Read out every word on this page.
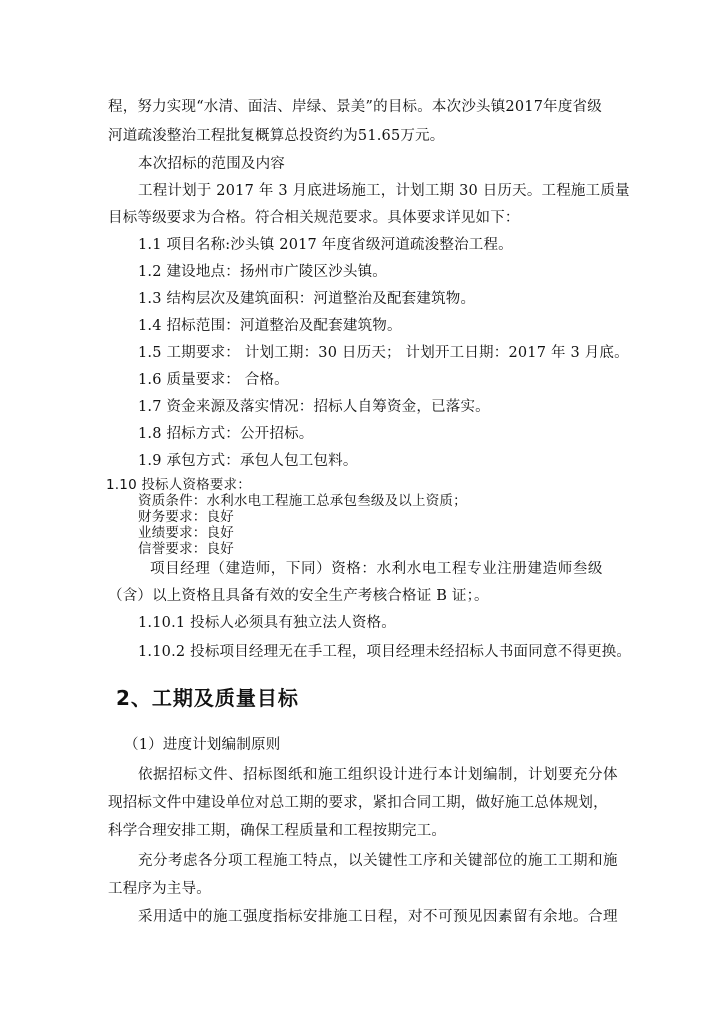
程，努力实现“水清、面洁、岸绿、景美”的目标。本次沙头镇2017年度省级
河道疏浚整治工程批复概算总投资约为51.65万元。
本次招标的范围及内容
工程计划于 2017 年 3 月底进场施工，计划工期 30 日历天。工程施工质量
目标等级要求为合格。符合相关规范要求。具体要求详见如下：
1.1 项目名称:沙头镇 2017 年度省级河道疏浚整治工程。
1.2 建设地点：扬州市广陵区沙头镇。
1.3 结构层次及建筑面积：河道整治及配套建筑物。
1.4 招标范围：河道整治及配套建筑物。
1.5 工期要求： 计划工期：30 日历天； 计划开工日期：2017 年 3 月底。
1.6 质量要求： 合格。
1.7 资金来源及落实情况：招标人自筹资金，已落实。
1.8 招标方式：公开招标。
1.9 承包方式：承包人包工包料。
1.10 投标人资格要求：
资质条件：水利水电工程施工总承包叁级及以上资质；
财务要求：良好
业绩要求：良好
信誉要求：良好
项目经理（建造师，下同）资格：水利水电工程专业注册建造师叁级
（含）以上资格且具备有效的安全生产考核合格证 B 证；。
1.10.1 投标人必须具有独立法人资格。
1.10.2 投标项目经理无在手工程，项目经理未经招标人书面同意不得更换。
2、工期及质量目标
（1）进度计划编制原则
依据招标文件、招标图纸和施工组织设计进行本计划编制，计划要充分体
现招标文件中建设单位对总工期的要求，紧扣合同工期，做好施工总体规划，
科学合理安排工期，确保工程质量和工程按期完工。
充分考虑各分项工程施工特点，以关键性工序和关键部位的施工工期和施
工程序为主导。
采用适中的施工强度指标安排施工日程，对不可预见因素留有余地。合理
